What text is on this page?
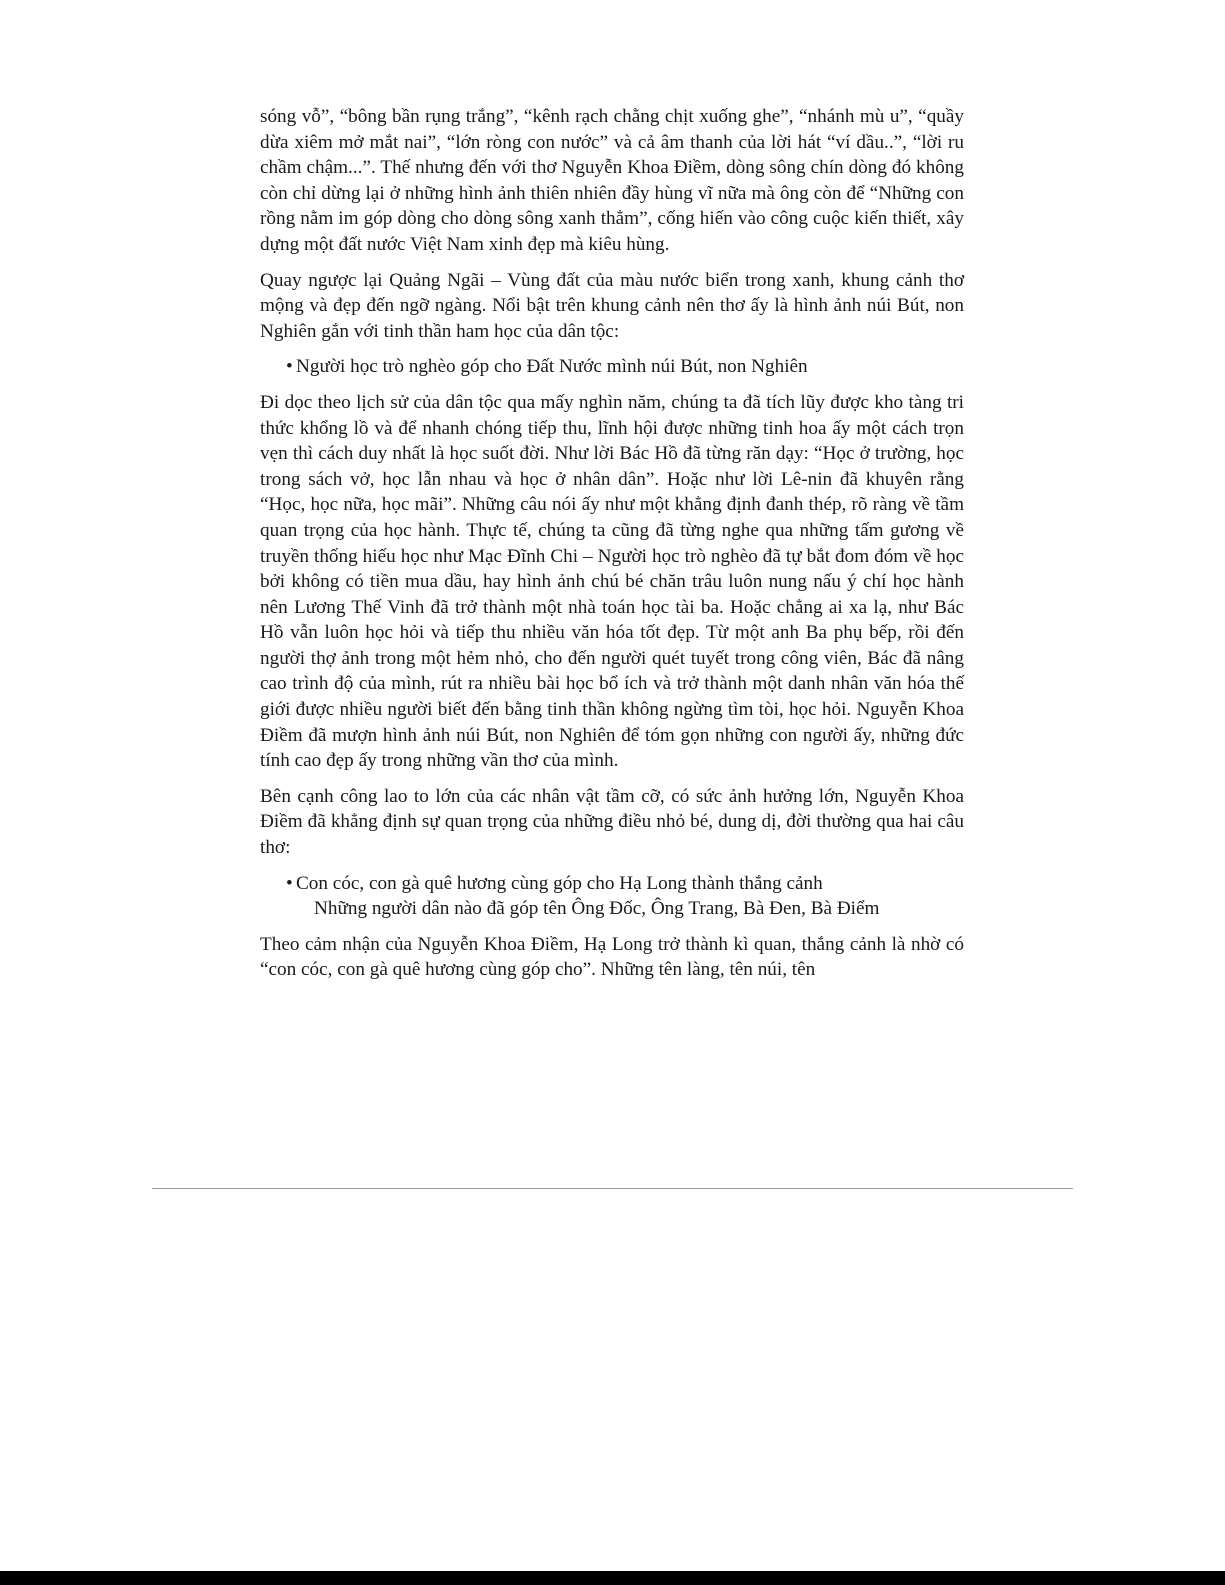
sóng vỗ”, “bông bần rụng trắng”, “kênh rạch chằng chịt xuống ghe”, “nhánh mù u”, “quầy dừa xiêm mở mắt nai”, “lớn ròng con nước” và cả âm thanh của lời hát “ví dầu..”, “lời ru chầm chậm...”. Thế nhưng đến với thơ Nguyễn Khoa Điềm, dòng sông chín dòng đó không còn chỉ dừng lại ở những hình ảnh thiên nhiên đầy hùng vĩ nữa mà ông còn để “Những con rồng nằm im góp dòng cho dòng sông xanh thẳm”, cống hiến vào công cuộc kiến thiết, xây dựng một đất nước Việt Nam xinh đẹp mà kiêu hùng.

Quay ngược lại Quảng Ngãi – Vùng đất của màu nước biển trong xanh, khung cảnh thơ mộng và đẹp đến ngỡ ngàng. Nổi bật trên khung cảnh nên thơ ấy là hình ảnh núi Bút, non Nghiên gắn với tinh thần ham học của dân tộc:

• Người học trò nghèo góp cho Đất Nước mình núi Bút, non Nghiên

Đi dọc theo lịch sử của dân tộc qua mấy nghìn năm, chúng ta đã tích lũy được kho tàng tri thức khổng lồ và để nhanh chóng tiếp thu, lĩnh hội được những tinh hoa ấy một cách trọn vẹn thì cách duy nhất là học suốt đời. Như lời Bác Hồ đã từng răn dạy: “Học ở trường, học trong sách vở, học lẫn nhau và học ở nhân dân”. Hoặc như lời Lê-nin đã khuyên rằng “Học, học nữa, học mãi”. Những câu nói ấy như một khẳng định đanh thép, rõ ràng về tầm quan trọng của học hành. Thực tế, chúng ta cũng đã từng nghe qua những tấm gương về truyền thống hiếu học như Mạc Đĩnh Chi – Người học trò nghèo đã tự bắt đom đóm về học bởi không có tiền mua dầu, hay hình ảnh chú bé chăn trâu luôn nung nấu ý chí học hành nên Lương Thế Vinh đã trở thành một nhà toán học tài ba. Hoặc chẳng ai xa lạ, như Bác Hồ vẫn luôn học hỏi và tiếp thu nhiều văn hóa tốt đẹp. Từ một anh Ba phụ bếp, rồi đến người thợ ảnh trong một hẻm nhỏ, cho đến người quét tuyết trong công viên, Bác đã nâng cao trình độ của mình, rút ra nhiều bài học bổ ích và trở thành một danh nhân văn hóa thế giới được nhiều người biết đến bằng tinh thần không ngừng tìm tòi, học hỏi. Nguyễn Khoa Điềm đã mượn hình ảnh núi Bút, non Nghiên để tóm gọn những con người ấy, những đức tính cao đẹp ấy trong những vần thơ của mình.

Bên cạnh công lao to lớn của các nhân vật tầm cỡ, có sức ảnh hưởng lớn, Nguyễn Khoa Điềm đã khẳng định sự quan trọng của những điều nhỏ bé, dung dị, đời thường qua hai câu thơ:

• Con cóc, con gà quê hương cùng góp cho Hạ Long thành thắng cảnh
Những người dân nào đã góp tên Ông Đốc, Ông Trang, Bà Đen, Bà Điểm

Theo cảm nhận của Nguyễn Khoa Điềm, Hạ Long trở thành kì quan, thắng cảnh là nhờ có “con cóc, con gà quê hương cùng góp cho”. Những tên làng, tên núi, tên
